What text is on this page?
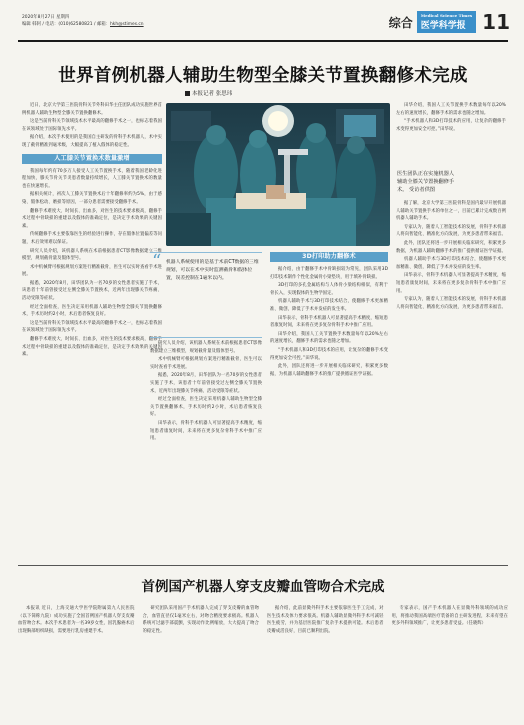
2020年8月27日 星期四
编辑 韩轲 / 电话：(010)62580821 / 邮箱：hkh@stimes.cn	综合 Medical Science Times
医学科学报 11
世界首例机器人辅助生物型全膝关节置换翻修术完成
本报记者 张思玮

近日，北京大学第三医院骨科关节外科田华主任团队成功实施世界首例机器人辅助生物型全膝关节置换翻修术。

这是当前骨科关节领域技术水平最高的翻修手术之一，也标志着我国在该领域处于国际领先水平。

据介绍，本次手术使用的是我国自主研发的骨科手术机器人，术中实现了截骨精准到毫米级，大幅提高了植入假体的稳定性。

人工膝关节置换术数量激增

我国每年约有70多万人接受人工关节置换手术，随着我国老龄化进程加快，膝关节骨关节炎患者数量持续增长，人工膝关节置换术的数量也在快速增长。

据相关统计，初次人工膝关节置换术后十年翻修率约为5%，由于感染、假体松动、磨损等原因，一部分患者需要接受翻修手术。

翻修手术难度大、时间长、出血多，对医生的技术要求极高，翻修手术过程中骨缺损的重建以及假体的准确定位，是决定手术效果的关键因素。

传统翻修手术主要依靠医生的经验进行操作，存在假体位置偏差等问题，术后效果难以保证。

研究人员介绍，该机器人系统在术前根据患者CT影像数据建立三维模型，规划截骨量及假体型号。

术中机械臂可根据规划方案进行精准截骨，医生可以实时查看手术进展。

据悉，2020年8月，田华团队为一名70岁的女性患者实施了手术，该患者十年前曾接受过左侧全膝关节置换术，近两年出现膝关节疼痛、活动受限等症状。

经过全面检查，医生决定采用机器人辅助生物型全膝关节置换翻修术，手术历时约2小时，术后患者恢复良好。

这是当前骨科关节领域技术水平最高的翻修手术之一，也标志着我国在该领域处于国际领先水平。

翻修手术难度大、时间长、出血多，对医生的技术要求极高，翻修手术过程中骨缺损的重建以及假体的准确定位，是决定手术效果的关键因素。

医生团队正在实施机器人辅助全膝关节置换翻修手术。 受访者供图
“ 机器人系统使用的是基于术前CT数据的三维规划，可以在术中实时监测截骨和假体位置，误差控制在1毫米以内。

研究人员介绍，该机器人系统在术前根据患者CT影像数据建立三维模型，规划截骨量及假体型号。

术中机械臂可根据规划方案进行精准截骨，医生可以实时查看手术进展。

据悉，2020年8月，田华团队为一名70岁的女性患者实施了手术，该患者十年前曾接受过左侧全膝关节置换术，近两年出现膝关节疼痛、活动受限等症状。

经过全面检查，医生决定采用机器人辅助生物型全膝关节置换翻修术，手术历时约2小时，术后患者恢复良好。

田华表示，骨科手术机器人可显著提高手术精度，缩短患者康复时间，未来将在更多复杂骨科手术中推广应用。

3D打印助力翻修术

据介绍，由于翻修手术中骨缺损较为常见，团队采用3D打印技术制作个性化金属骨小梁垫块，用于填补骨缺损。

3D打印的多孔金属结构与人体骨小梁结构相似，有利于骨长入，实现假体的生物学固定。

机器人辅助手术与3D打印技术结合，使翻修手术更加精准、微创，降低了手术并发症的发生率。

田华表示，骨科手术机器人可显著提高手术精度，缩短患者康复时间，未来将在更多复杂骨科手术中推广应用。

田华介绍，我国人工关节置换手术数量每年以20%左右的速度增长，翻修手术的需求也随之增加。

“手术机器人和3D打印技术的应用，让复杂的翻修手术变得更加安全可控。”田华说。

此外，团队还将进一步开展相关临床研究，积累更多数据，为机器人辅助翻修手术的推广提供循证医学证据。

田华介绍，我国人工关节置换手术数量每年以20%左右的速度增长，翻修手术的需求也随之增加。

“手术机器人和3D打印技术的应用，让复杂的翻修手术变得更加安全可控。”田华说。

据了解，北京大学第三医院骨科是国内最早开展机器人辅助关节置换手术的单位之一，目前已累计完成数百例机器人辅助手术。

专家认为，随着人工智能技术的发展，骨科手术机器人将向智能化、精准化方向发展，为更多患者带来福音。

此外，团队还将进一步开展相关临床研究，积累更多数据，为机器人辅助翻修手术的推广提供循证医学证据。

机器人辅助手术与3D打印技术结合，使翻修手术更加精准、微创，降低了手术并发症的发生率。

田华表示，骨科手术机器人可显著提高手术精度，缩短患者康复时间，未来将在更多复杂骨科手术中推广应用。

专家认为，随着人工智能技术的发展，骨科手术机器人将向智能化、精准化方向发展，为更多患者带来福音。

首例国产机器人穿支皮瓣血管吻合术完成

本报讯 近日，上海交通大学医学院附属第九人民医院（以下简称九院）成功实施了全国首例国产机器人穿支皮瓣血管吻合术。本次手术患者为一名39岁女性，因乳腺癌术后出现胸部组织缺损，需要进行乳房重建手术。

研究团队采用国产手术机器人完成了穿支皮瓣的血管吻合，血管直径仅1毫米左右，对吻合精度要求极高。机器人系统可过滤手部震颤，实现动作比例缩放，大大提高了吻合的稳定性。

据介绍，此前显微外科手术主要依靠医生手工完成，对医生技术及体力要求很高。机器人辅助显微外科手术可减轻医生疲劳，并为基层医院推广复杂手术提供可能。术后患者皮瓣成活良好，目前已顺利出院。

专家表示，国产手术机器人在显微外科领域的成功应用，将推动我国高端医疗装备的自主研发进程，未来有望在更多外科领域推广，让更多患者受益。（任晓辉）
